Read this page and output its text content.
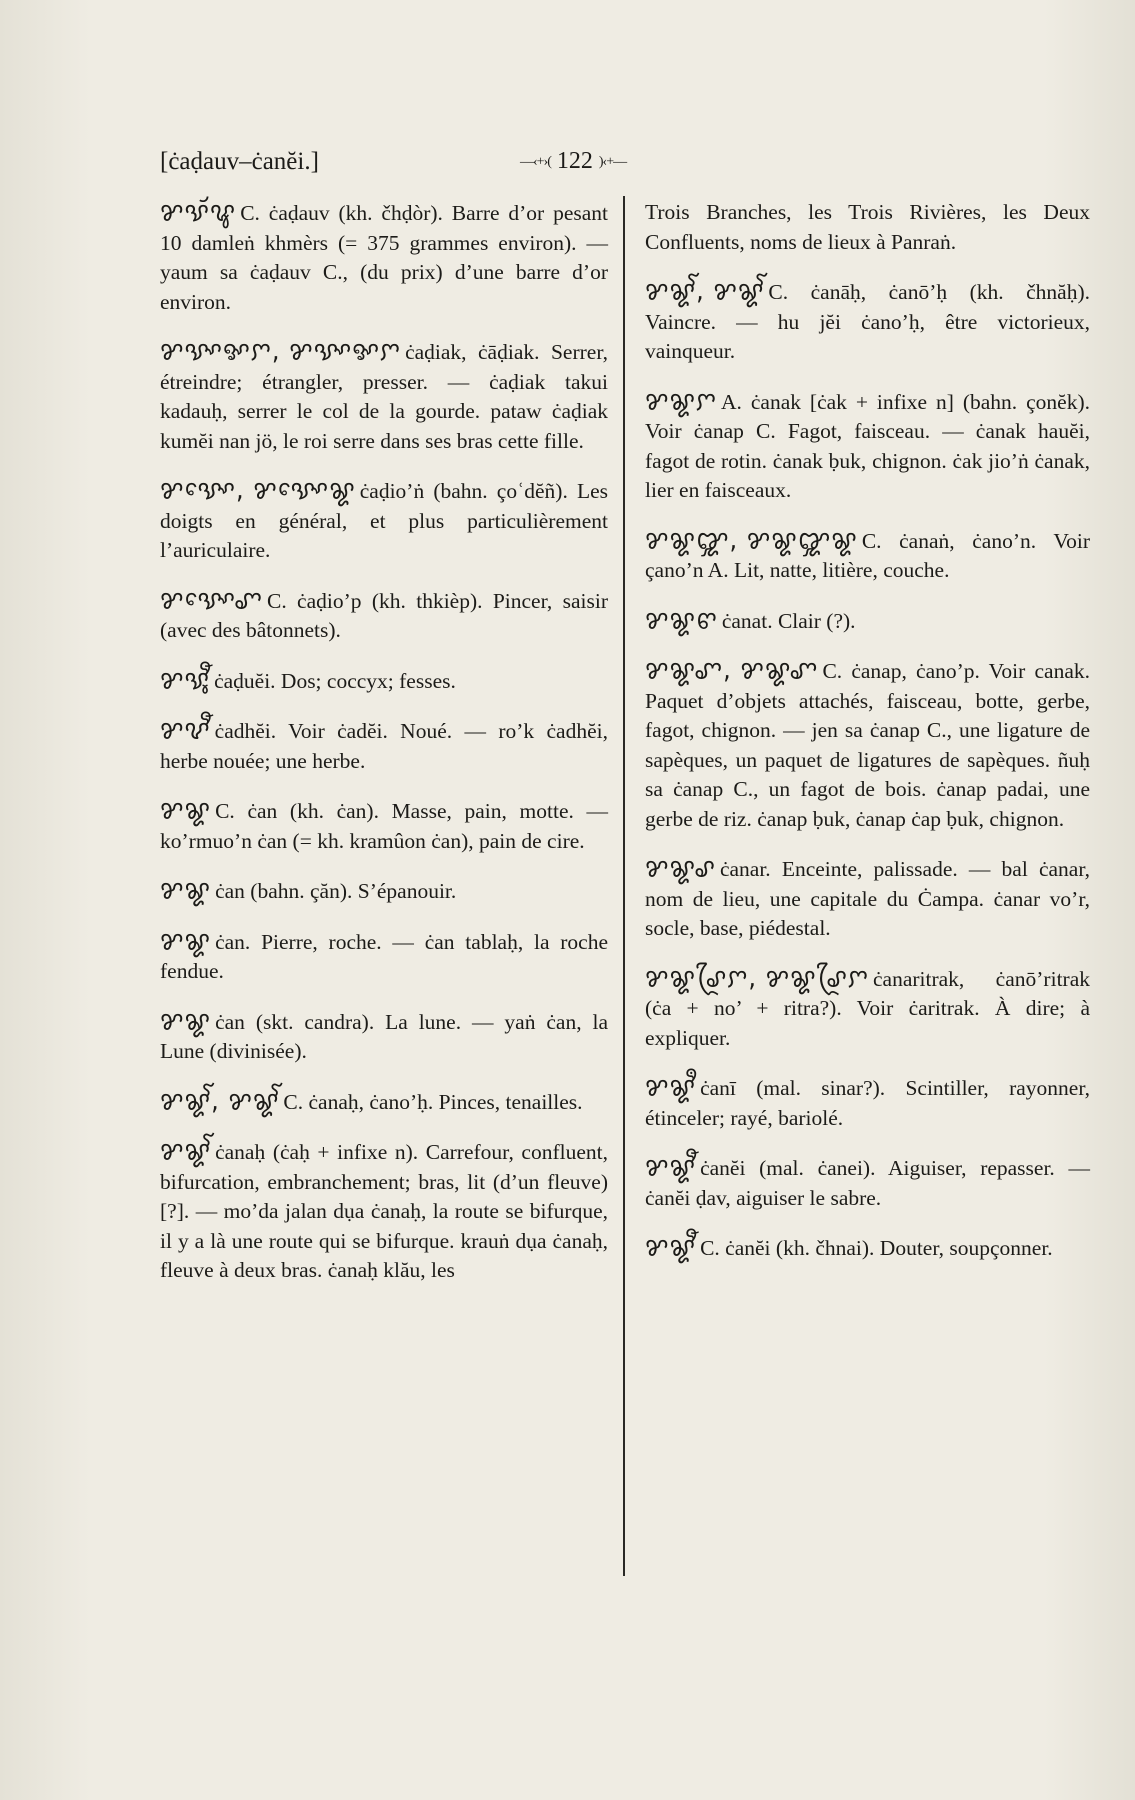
[ċaḍauv–ċanĕi.]	—‹+›( 122 )‹+—
ꨌꨕꨮꨥ C. ċaḍauv (kh. čhḍòr). Barre d’or pesant 10 damleṅ khmèrs (= 375 grammes environ). — yaum sa ċaḍauv C., (du prix) d’une barre d’or environ.
ꨌꨕꨳꨀꨆ, ꨌꨕꨳꨀꨆ ċaḍiak, ċāḍiak. Serrer, étreindre; étrangler, presser. — ċaḍiak takui kadauḥ, serrer le col de la gourde. pataw ċaḍiak kumĕi nan jö, le roi serre dans ses bras cette fille.
ꨌꨕꨳꨯ, ꨌꨕꨳꨯꨘ ċaḍio’ṅ (bahn. çoʿdĕñ). Les doigts en général, et plus particulièrement l’auriculaire.
ꨌꨕꨳꨯꨚ C. ċaḍio’p (kh. thkièp). Pincer, saisir (avec des bâtonnets).
ꨌꨕꨶꨬ ċaḍuĕi. Dos; coccyx; fesses.
ꨌꨖꨬ ċadhĕi. Voir ċadĕi. Noué. — ro’k ċadhĕi, herbe nouée; une herbe.
ꨌꨘ C. ċan (kh. ċan). Masse, pain, motte. — ko’rmuo’n ċan (= kh. kramûon ċan), pain de cire.
ꨌꨘ ċan (bahn. çăn). S’épanouir.
ꨌꨘ ċan. Pierre, roche. — ċan tablaḥ, la roche fendue.
ꨌꨘ ċan (skt. candra). La lune. — yaṅ ċan, la Lune (divinisée).
ꨌꨘꨱ, ꨌꨘꨱ C. ċanaḥ, ċano’ḥ. Pinces, tenailles.
ꨌꨘꨱ ċanaḥ (ċaḥ + infixe n). Carrefour, confluent, bifurcation, embranchement; bras, lit (d’un fleuve) [?]. — mo’da jalan dụa ċanaḥ, la route se bifurque, il y a là une route qui se bifurque. krauṅ dụa ċanaḥ, fleuve à deux bras. ċanaḥ klău, les
Trois Branches, les Trois Rivières, les Deux Confluents, noms de lieux à Panraṅ.
ꨌꨘꨱ, ꨌꨘꨱ C. ċanāḥ, ċanō’ḥ (kh. čhnăḥ). Vaincre. — hu jĕi ċano’ḥ, être victorieux, vainqueur.
ꨌꨘꨆ A. ċanak [ċak + infixe n] (bahn. çonĕk). Voir ċanap C. Fagot, faisceau. — ċanak hauĕi, fagot de rotin. ċanak ḅuk, chignon. ċak jio’ṅ ċanak, lier en faisceaux.
ꨌꨘꨒ, ꨌꨘꨒꨘ C. ċanaṅ, ċano’n. Voir çano’n A. Lit, natte, litière, couche.
ꨌꨘꨓ ċanat. Clair (?).
ꨌꨘꨚ, ꨌꨘꨚ C. ċanap, ċano’p. Voir canak. Paquet d’objets attachés, faisceau, botte, gerbe, fagot, chignon. — jen sa ċanap C., une ligature de sapèques, un paquet de ligatures de sapèques. ñuḥ sa ċanap C., un fagot de bois. ċanap padai, une gerbe de riz. ċanap ḅuk, ċanap ċap ḅuk, chignon.
ꨌꨘꨣ ċanar. Enceinte, palissade. — bal ċanar, nom de lieu, une capitale du Ċampa. ċanar vo’r, socle, base, piédestal.
ꨌꨘꨣꨴꨆ, ꨌꨘꨣꨴꨆ ċanaritrak, ċanō’ritrak (ċa + no’ + ritra?). Voir ċaritrak. À dire; à expliquer.
ꨌꨘꨫ ċanī (mal. sinar?). Scintiller, rayonner, étinceler; rayé, bariolé.
ꨌꨘꨬ ċanĕi (mal. ċanei). Aiguiser, repasser. — ċanĕi ḍav, aiguiser le sabre.
ꨌꨘꨬ C. ċanĕi (kh. čhnai). Douter, soupçonner.
